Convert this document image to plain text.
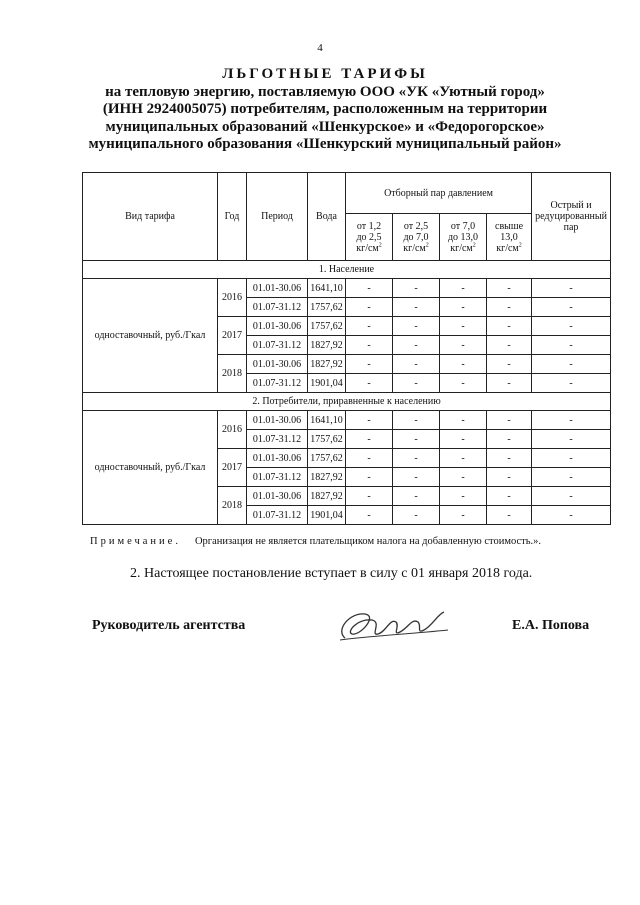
4
ЛЬГОТНЫЕ ТАРИФЫ
на тепловую энергию, поставляемую ООО «УК «Уютный город»
(ИНН 2924005075) потребителям, расположенным на территории
муниципальных образований «Шенкурское» и «Федорогорское»
муниципального образования «Шенкурский муниципальный район»
Вид тарифа	Год	Период	Вода	Отборный пар давлением				Острый и редуцированный пар
				от 1,2
до 2,5
$кг/см^2$	от 2,5
до 7,0
$кг/см^2$	от 7,0
до 13,0
$кг/см^2$	свыше
13,0
$кг/см^2$
1. Население								
одноставочный, руб./Гкал	2016	01.01-30.06	1641,10	-	-	-	-	-
		01.07-31.12	1757,62	-	-	-	-	-
	2017	01.01-30.06	1757,62	-	-	-	-	-
		01.07-31.12	1827,92	-	-	-	-	-
	2018	01.01-30.06	1827,92	-	-	-	-	-
		01.07-31.12	1901,04	-	-	-	-	-
2. Потребители, приравненные к населению								
одноставочный, руб./Гкал	2016	01.01-30.06	1641,10	-	-	-	-	-
		01.07-31.12	1757,62	-	-	-	-	-
	2017	01.01-30.06	1757,62	-	-	-	-	-
		01.07-31.12	1827,92	-	-	-	-	-
	2018	01.01-30.06	1827,92	-	-	-	-	-
		01.07-31.12	1901,04	-	-	-	-	-
Примечание. Организация не является плательщиком налога на добавленную стоимость.».
2. Настоящее постановление вступает в силу с 01 января 2018 года.
Руководитель агентства	Е.А. Попова
